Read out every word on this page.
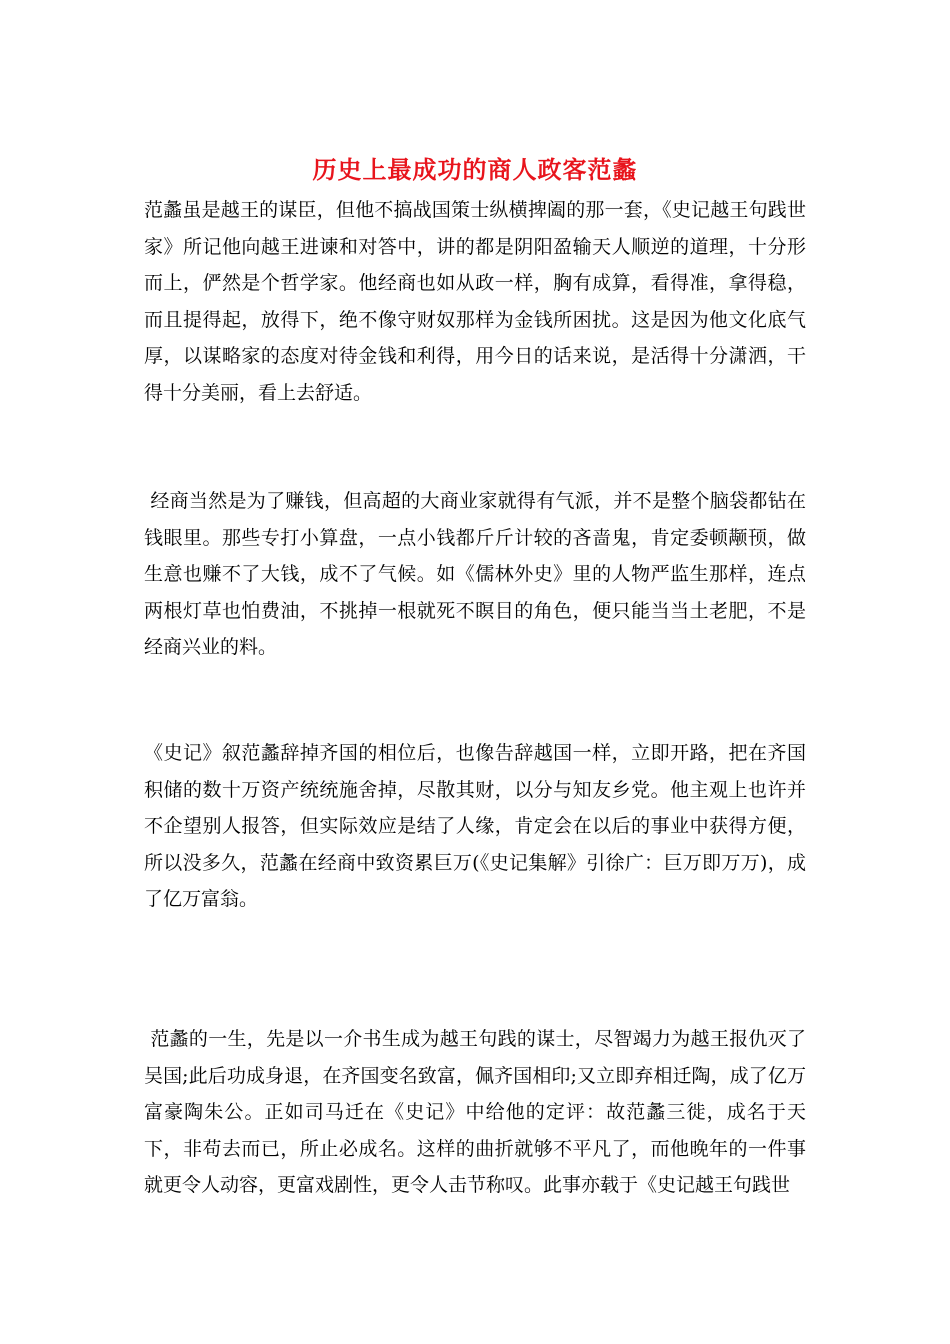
历史上最成功的商人政客范蠡

范蠡虽是越王的谋臣，但他不搞战国策士纵横捭阖的那一套，《史记越王句践世家》所记他向越王进谏和对答中，讲的都是阴阳盈输天人顺逆的道理，十分形而上，俨然是个哲学家。他经商也如从政一样，胸有成算，看得准，拿得稳，而且提得起，放得下，绝不像守财奴那样为金钱所困扰。这是因为他文化底气厚，以谋略家的态度对待金钱和利得，用今日的话来说，是活得十分潇洒，干得十分美丽，看上去舒适。

经商当然是为了赚钱，但高超的大商业家就得有气派，并不是整个脑袋都钻在钱眼里。那些专打小算盘，一点小钱都斤斤计较的吝啬鬼，肯定委顿颟顸，做生意也赚不了大钱，成不了气候。如《儒林外史》里的人物严监生那样，连点两根灯草也怕费油，不挑掉一根就死不瞑目的角色，便只能当当土老肥，不是经商兴业的料。

《史记》叙范蠡辞掉齐国的相位后，也像告辞越国一样，立即开路，把在齐国积储的数十万资产统统施舍掉，尽散其财，以分与知友乡党。他主观上也许并不企望别人报答，但实际效应是结了人缘，肯定会在以后的事业中获得方便，所以没多久，范蠡在经商中致资累巨万(《史记集解》引徐广：巨万即万万)，成了亿万富翁。

范蠡的一生，先是以一介书生成为越王句践的谋士，尽智竭力为越王报仇灭了吴国;此后功成身退，在齐国变名致富，佩齐国相印;又立即弃相迁陶，成了亿万富豪陶朱公。正如司马迁在《史记》中给他的定评：故范蠡三徙，成名于天下，非苟去而已，所止必成名。这样的曲折就够不平凡了，而他晚年的一件事就更令人动容，更富戏剧性，更令人击节称叹。此事亦载于《史记越王句践世
